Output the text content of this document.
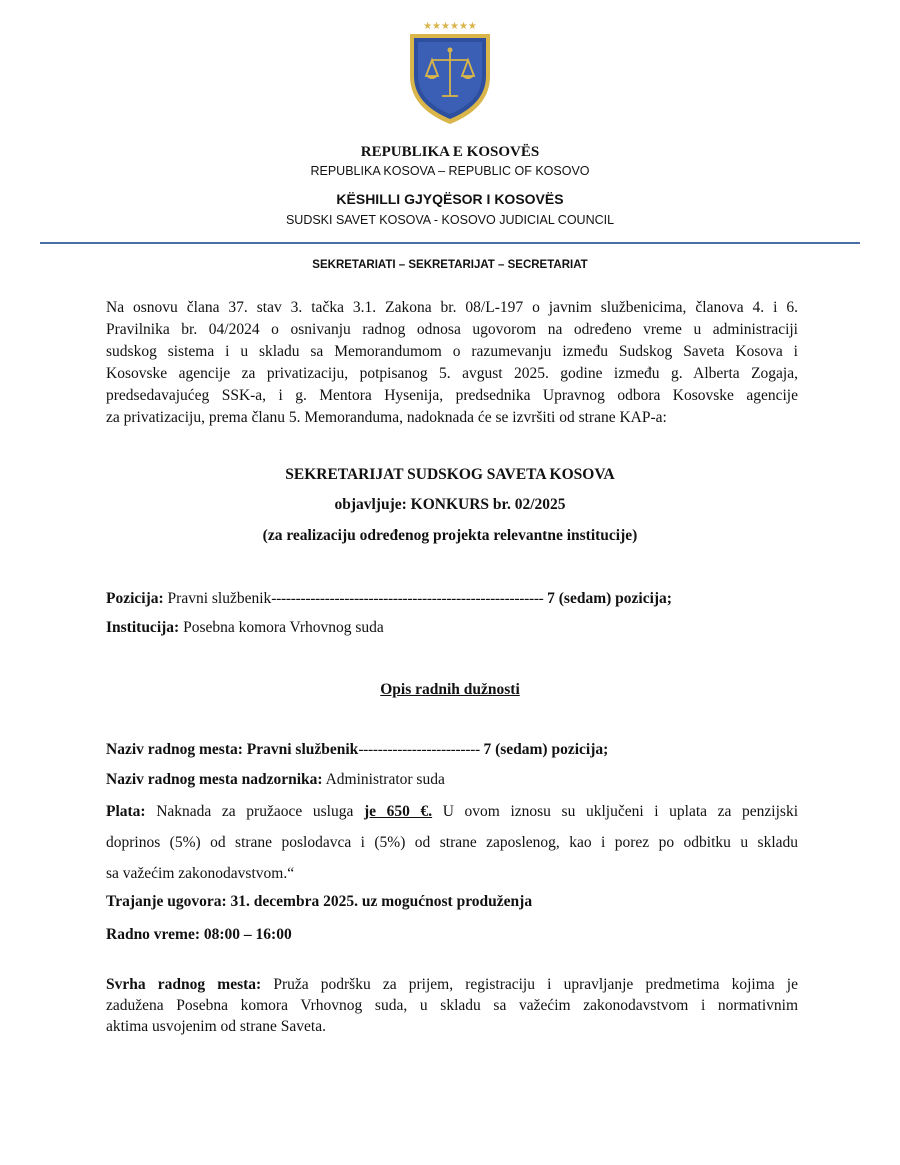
★★★★★★
REPUBLIKA E KOSOVËS
REPUBLIKA KOSOVA – REPUBLIC OF KOSOVO
KËSHILLI GJYQËSOR I KOSOVËS
SUDSKI SAVET KOSOVA - KOSOVO JUDICIAL COUNCIL
SEKRETARIATI – SEKRETARIJAT – SECRETARIAT
Na osnovu člana 37. stav 3. tačka 3.1. Zakona br. 08/L-197 o javnim službenicima, članova 4. i 6.
Pravilnika br. 04/2024 o osnivanju radnog odnosa ugovorom na određeno vreme u administraciji
sudskog sistema i u skladu sa Memorandumom o razumevanju između Sudskog Saveta Kosova i
Kosovske agencije za privatizaciju, potpisanog 5. avgust 2025. godine između g. Alberta Zogaja,
predsedavajućeg SSK-a, i g. Mentora Hysenija, predsednika Upravnog odbora Kosovske agencije
za privatizaciju, prema članu 5. Memoranduma, nadoknada će se izvršiti od strane KAP-a:
SEKRETARIJAT SUDSKOG SAVETA KOSOVA
objavljuje: KONKURS br. 02/2025
(za realizaciju određenog projekta relevantne institucije)
Pozicija: Pravni službenik-------------------------------------------------------- 7 (sedam) pozicija;
Institucija: Posebna komora Vrhovnog suda
Opis radnih dužnosti
Naziv radnog mesta: Pravni službenik------------------------- 7 (sedam) pozicija;
Naziv radnog mesta nadzornika: Administrator suda
Plata: Naknada za pružaoce usluga je 650 €. U ovom iznosu su uključeni i uplata za penzijski
doprinos (5%) od strane poslodavca i (5%) od strane zaposlenog, kao i porez po odbitku u skladu
sa važećim zakonodavstvom.“
Trajanje ugovora: 31. decembra 2025. uz mogućnost produženja
Radno vreme: 08:00 – 16:00
Svrha radnog mesta: Pruža podršku za prijem, registraciju i upravljanje predmetima kojima je
zadužena Posebna komora Vrhovnog suda, u skladu sa važećim zakonodavstvom i normativnim
aktima usvojenim od strane Saveta.
